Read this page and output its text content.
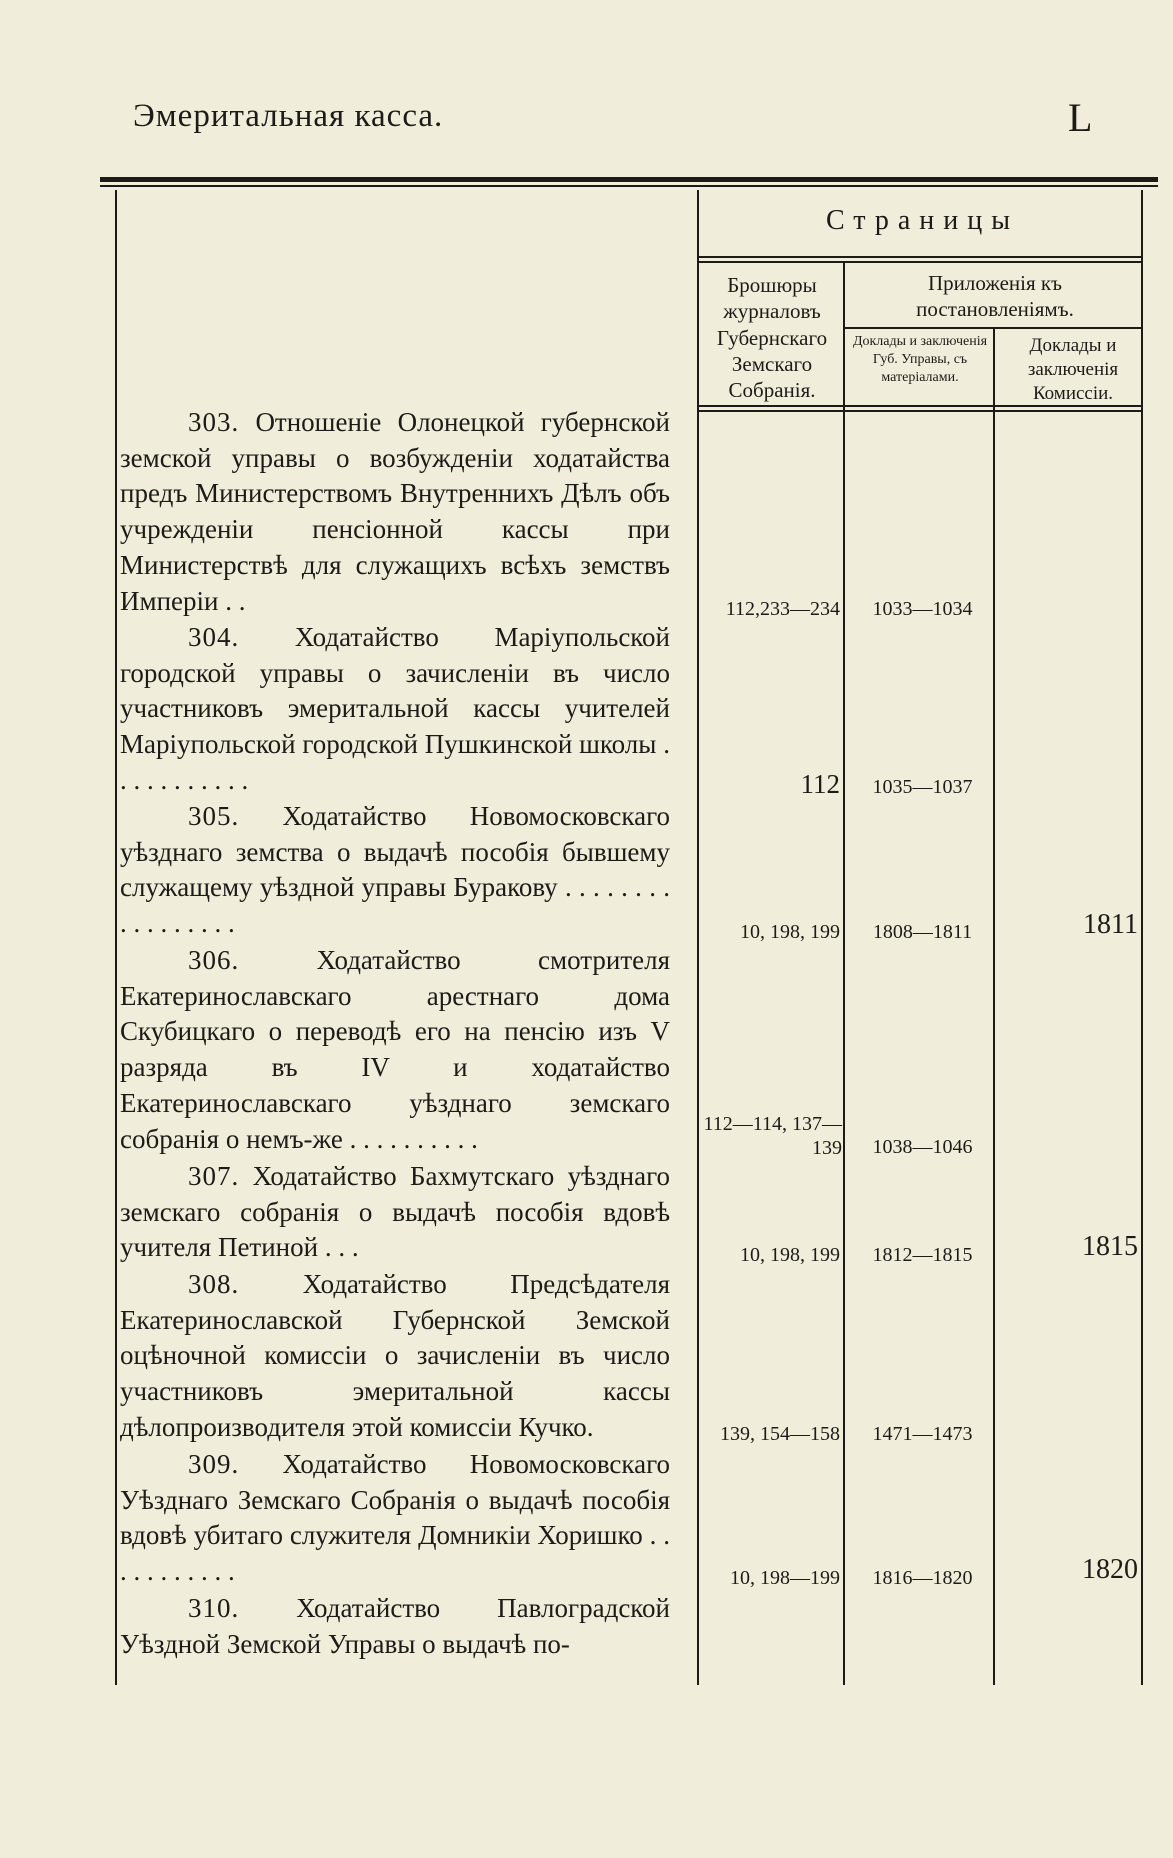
Эмеритальная касса.	L
Страницы
Брошюры журналовъ Губернскаго Земскаго Собранія.
Приложенія къ постановленіямъ.
Доклады и заключенія Губ. Управы, съ матеріалами.
Доклады и заключенія Комиссіи.

303. Отношеніе Олонецкой губернской земской управы о возбужденіи ходатайства предъ Министерствомъ Внутреннихъ Дѣлъ объ учрежденіи пенсіонной кассы при Министерствѣ для служащихъ всѣхъ земствъ Имперіи . .	112,233—234	1033—1034

304. Ходатайство Маріупольской городской управы о зачисленіи въ число участниковъ эмеритальной кассы учителей Маріупольской городской Пушкинской школы . . . . . . . . . . .	112	1035—1037

305. Ходатайство Новомосковскаго уѣзднаго земства о выдачѣ пособія бывшему служащему уѣздной управы Буракову . . . . . . . . . . . . . . . . .	10, 198, 199	1808—1811	1811

306.	Ходатайство смотрителя Екатеринославскаго арестнаго дома Скубицкаго о переводѣ его на пенсію изъ V разряда въ IV и ходатайство Екатеринославскаго уѣзднаго земскаго собранія о немъ-же . . . . . . . . . .	112—114, 137—139	1038—1046

307. Ходатайство Бахмутскаго уѣзднаго земскаго собранія о выдачѣ пособія вдовѣ учителя Петиной . . .	10, 198, 199	1812—1815	1815

308. Ходатайство Предсѣдателя Екатеринославской Губернской Земской оцѣночной комиссіи о зачисленіи въ число участниковъ эмеритальной кассы дѣлопроизводителя этой комиссіи Кучко.	139, 154—158	1471—1473

309. Ходатайство Новомосковскаго Уѣзднаго Земскаго Собранія о выдачѣ пособія вдовѣ убитаго служителя Домникіи Хоришко . . . . . . . . . . .	10, 198—199	1816—1820	1820

310. Ходатайство Павлоградской Уѣздной Земской Управы о выдачѣ по-
